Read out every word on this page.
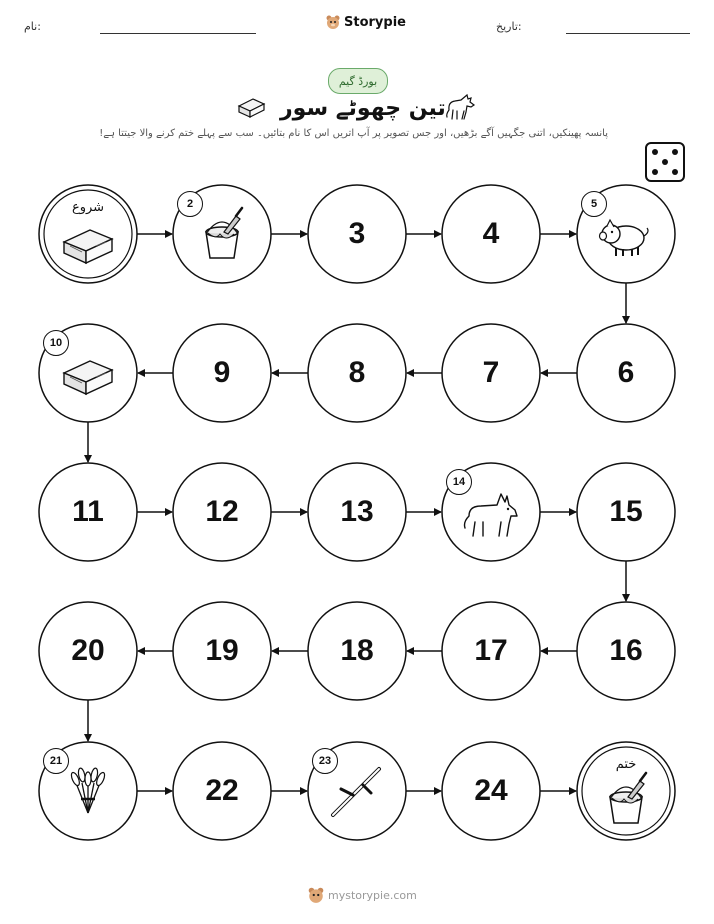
نام:	Storypie	تاریخ:
بورڈ گیم
تین چھوٹے سور
پانسہ پھینکیں، اتنی جگہیں آگے بڑھیں، اور جس تصویر پر آپ اتریں اس کا نام بتائیں۔ سب سے پہلے ختم کرنے والا جیتتا ہے!
شروع	2
3	4
5
6
7
8
9
10
11	12	13
14
15
16
17
18
19
20
21
22
23
24
ختم
mystorypie.com
